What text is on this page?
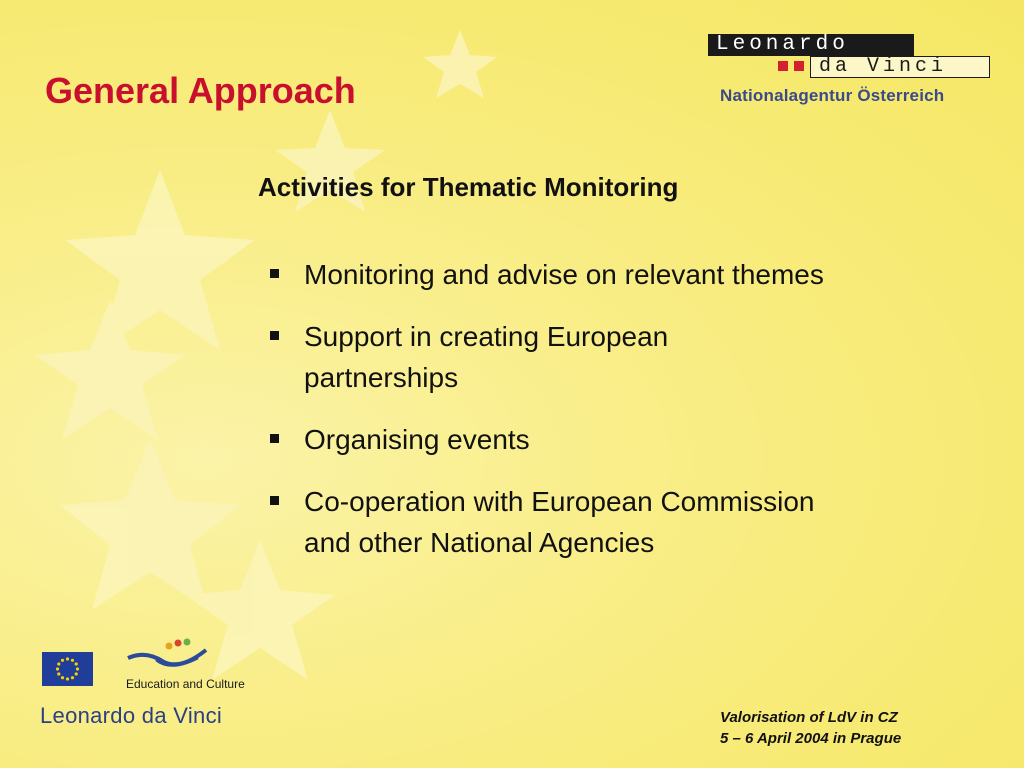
General Approach
Leonardo
da Vinci
Nationalagentur Österreich
Activities for Thematic Monitoring
Monitoring and advise on relevant themes
Support in creating European partnerships
Organising events
Co-operation with European Commission and other National Agencies
Education and Culture
Leonardo da Vinci	Valorisation of LdV in CZ
5 – 6 April 2004 in Prague
